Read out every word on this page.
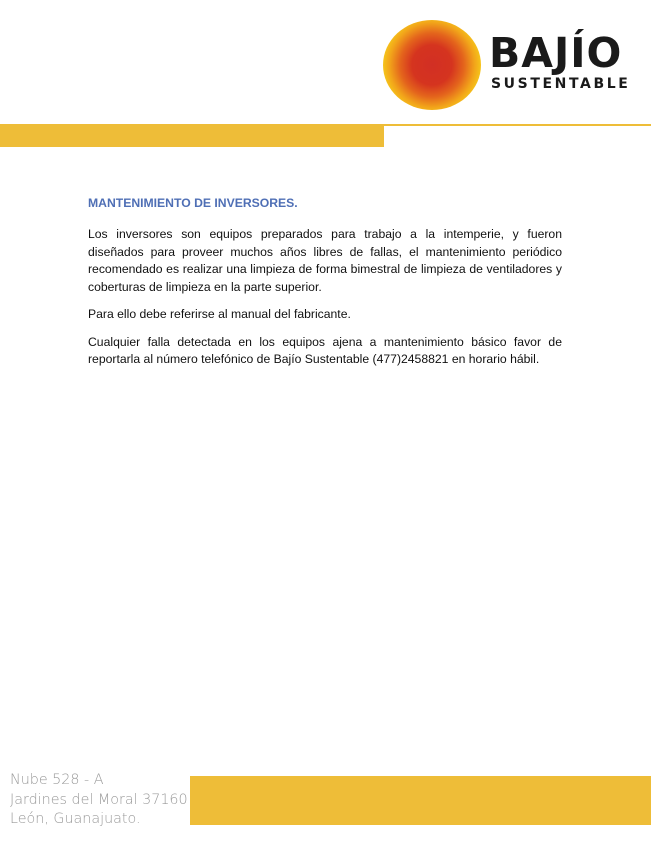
BAJÍO
SUSTENTABLE
MANTENIMIENTO DE INVERSORES.

Los inversores son equipos preparados para trabajo a la intemperie, y fueron diseñados para proveer muchos años libres de fallas, el mantenimiento periódico recomendado es realizar una limpieza de forma bimestral de limpieza de ventiladores y coberturas de limpieza en la parte superior.

Para ello debe referirse al manual del fabricante.

Cualquier falla detectada en los equipos ajena a mantenimiento básico favor de reportarla al número telefónico de Bajío Sustentable (477)2458821 en horario hábil.

Nube 528 - A
Jardines del Moral 37160
León, Guanajuato.
